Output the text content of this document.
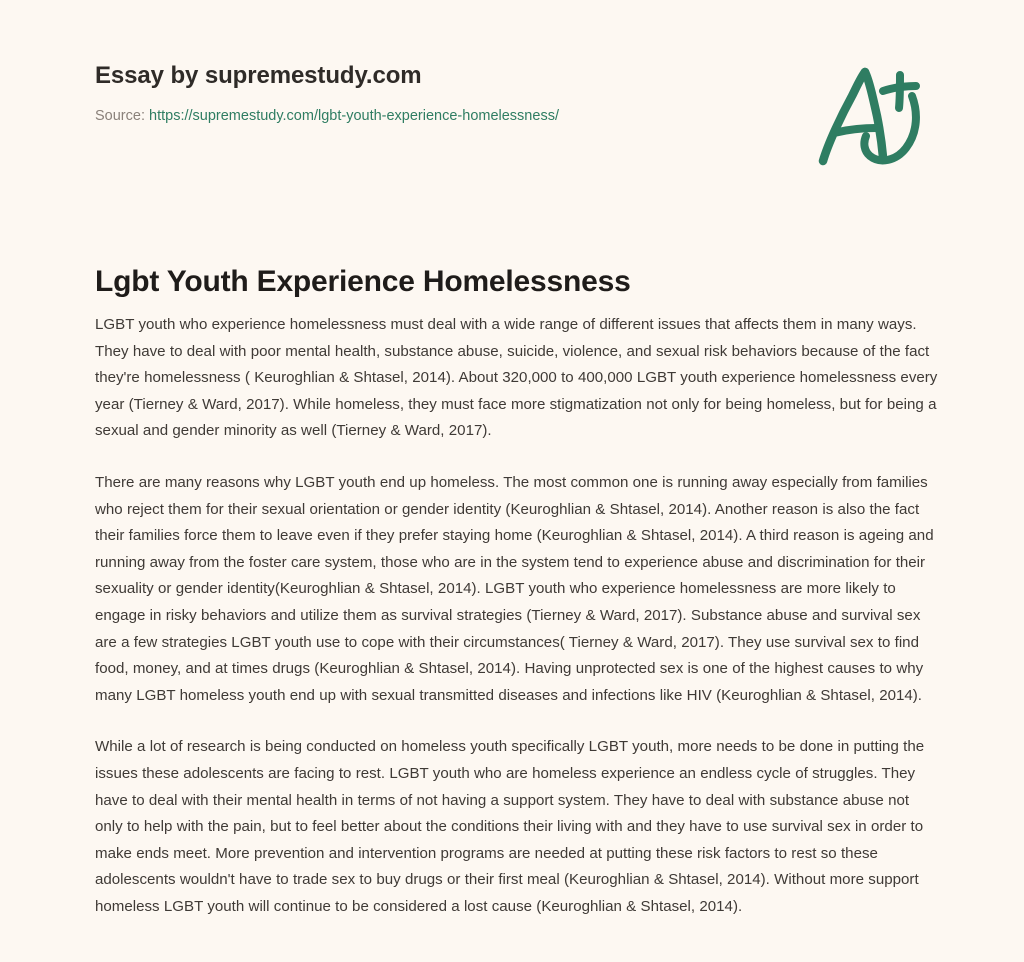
Essay by supremestudy.com
Source: https://supremestudy.com/lgbt-youth-experience-homelessness/
Lgbt Youth Experience Homelessness

LGBT youth who experience homelessness must deal with a wide range of different issues that affects them in many ways. They have to deal with poor mental health, substance abuse, suicide, violence, and sexual risk behaviors because of the fact they're homelessness ( Keuroghlian & Shtasel, 2014). About 320,000 to 400,000 LGBT youth experience homelessness every year (Tierney & Ward, 2017). While homeless, they must face more stigmatization not only for being homeless, but for being a sexual and gender minority as well (Tierney & Ward, 2017).

There are many reasons why LGBT youth end up homeless. The most common one is running away especially from families who reject them for their sexual orientation or gender identity (Keuroghlian & Shtasel, 2014). Another reason is also the fact their families force them to leave even if they prefer staying home (Keuroghlian & Shtasel, 2014). A third reason is ageing and running away from the foster care system, those who are in the system tend to experience abuse and discrimination for their sexuality or gender identity(Keuroghlian & Shtasel, 2014). LGBT youth who experience homelessness are more likely to engage in risky behaviors and utilize them as survival strategies (Tierney & Ward, 2017). Substance abuse and survival sex are a few strategies LGBT youth use to cope with their circumstances( Tierney & Ward, 2017). They use survival sex to find food, money, and at times drugs (Keuroghlian & Shtasel, 2014). Having unprotected sex is one of the highest causes to why many LGBT homeless youth end up with sexual transmitted diseases and infections like HIV (Keuroghlian & Shtasel, 2014).

While a lot of research is being conducted on homeless youth specifically LGBT youth, more needs to be done in putting the issues these adolescents are facing to rest. LGBT youth who are homeless experience an endless cycle of struggles. They have to deal with their mental health in terms of not having a support system. They have to deal with substance abuse not only to help with the pain, but to feel better about the conditions their living with and they have to use survival sex in order to make ends meet. More prevention and intervention programs are needed at putting these risk factors to rest so these adolescents wouldn't have to trade sex to buy drugs or their first meal (Keuroghlian & Shtasel, 2014). Without more support homeless LGBT youth will continue to be considered a lost cause (Keuroghlian & Shtasel, 2014).
